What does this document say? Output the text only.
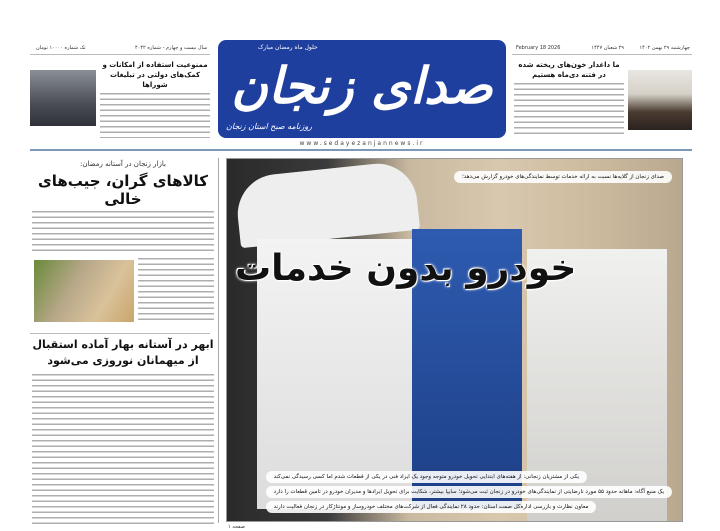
سال بیست و چهارم - شماره ۴۰۴۲
تک شماره ۱۰۰۰۰ تومان	چهارشنبه ۲۹ بهمن ۱۴۰۲
۲۹ شعبان ۱۴۴۷
February 18 2026
ممنوعیت استفاده از امکانات و کمک‌های دولتی در تبلیغات شوراها
ما داغدار خون‌های ریخته شده در فتنه دی‌ماه هستیم
حلول ماه رمضان مبارک
صدای زنجان
روزنامه صبح استان زنجان
www.sedayezanjannews.ir
بازار زنجان در آستانه رمضان:
کالاهای گران، جیب‌های خالی
ابهر در آستانه بهار آماده استقبال
از میهمانان نوروزی می‌شود
صدای زنجان از گلایه‌ها نسبت به ارائه خدمات توسط نمایندگی‌های خودرو گزارش می‌دهد؛
خودرو بدون خدمات
یکی از مشتریان زنجانی: از هفته‌های ابتدایی تحویل خودرو متوجه وجود یک ایراد فنی در یکی از قطعات شدم اما کسی رسیدگی نمی‌کند
یک منبع آگاه: ماهانه حدود ۵۵ مورد نارضایتی از نمایندگی‌های خودرو در زنجان ثبت می‌شود؛ سایپا بیشتر، شکایت برای تحویل ایرادها و مدیران خودرو در تامین قطعات را دارد
معاون نظارت و بازرسی اداره‌کل صمت استان: حدود ۲۸ نمایندگی فعال از شرکت‌های مختلف خودروساز و مونتاژکار در زنجان فعالیت دارند
صفحه ۱
